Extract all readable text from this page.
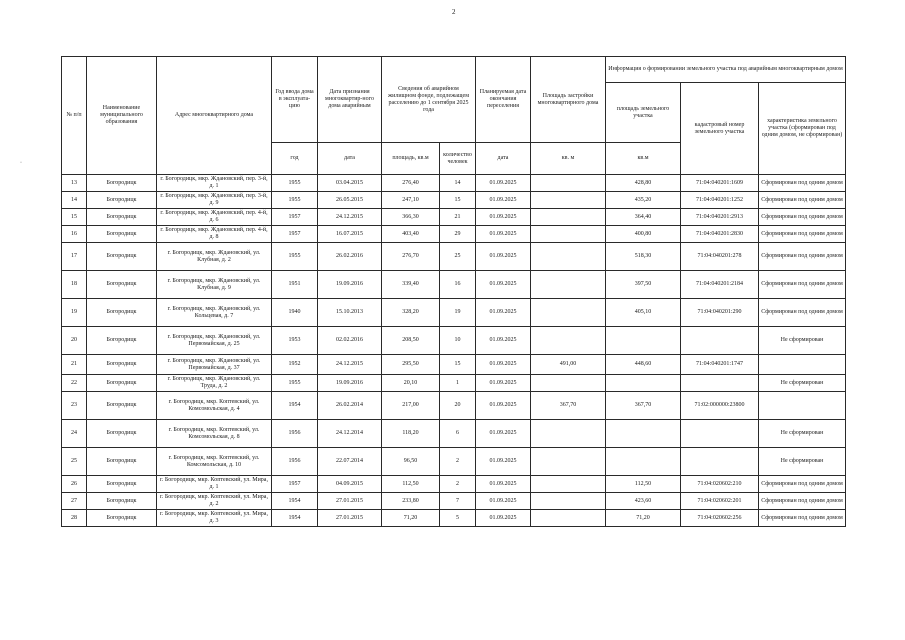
2
·
№ п/п	Наименование муниципального образования	Адрес многоквартирного дома	Год ввода дома в эксплуата-цию	Дата признания многоквартир-ного дома аварийным	Сведения об аварийном жилищном фонде, подлежащем расселению до 1 сентября 2025 года		Планируемая дата окончания переселения	Площадь застройки многоквартирного дома	Информация о формировании земельного участка под аварийным многоквартирным домом		
									площадь земельного участка	кадастровый номер земельного участка	характеристика земельного участка (сформирован под одним домом, не сформирован)
			год	дата	площадь, кв.м	количество человек	дата	кв. м	кв.м		
13	Богородицк	г. Богородицк, мкр. Ждановский, пер. 3-й, д. 1	1955	03.04.2015	276,40	14	01.09.2025		428,80	71:04:040201:1609	Сформирован под одним домом
14	Богородицк	г. Богородицк, мкр. Ждановский, пер. 3-й, д. 9	1955	26.05.2015	247,10	15	01.09.2025		435,20	71:04:040201:1252	Сформирован под одним домом
15	Богородицк	г. Богородицк, мкр. Ждановский, пер. 4-й, д. 6	1957	24.12.2015	366,30	21	01.09.2025		364,40	71:04:040201:2913	Сформирован под одним домом
16	Богородицк	г. Богородицк, мкр. Ждановский, пер. 4-й, д. 8	1957	16.07.2015	403,40	29	01.09.2025		400,80	71:04:040201:2830	Сформирован под одним домом
17	Богородицк	г. Богородицк, мкр. Ждановский, ул. Клубная, д. 2	1955	26.02.2016	276,70	25	01.09.2025		518,30	71:04:040201:278	Сформирован под одним домом
18	Богородицк	г. Богородицк, мкр. Ждановский, ул. Клубная, д. 9	1951	19.09.2016	339,40	16	01.09.2025		397,50	71:04:040201:2184	Сформирован под одним домом
19	Богородицк	г. Богородицк, мкр. Ждановский, ул. Кольцевая, д. 7	1940	15.10.2013	328,20	19	01.09.2025		405,10	71:04:040201:290	Сформирован под одним домом
20	Богородицк	г. Богородицк, мкр. Ждановский, ул. Первомайская, д. 25	1953	02.02.2016	208,50	10	01.09.2025				Не сформирован
21	Богородицк	г. Богородицк, мкр. Ждановский, ул. Первомайская, д. 37	1952	24.12.2015	295,50	15	01.09.2025	491,00	448,60	71:04:040201:1747	
22	Богородицк	г. Богородицк, мкр. Ждановский, ул. Труда, д. 2	1955	19.09.2016	20,10	1	01.09.2025				Не сформирован
23	Богородицк	г. Богородицк, мкр. Коптевский, ул. Комсомольская, д. 4	1954	26.02.2014	217,00	20	01.09.2025	367,70	367,70	71:02:000000:23800	
24	Богородицк	г. Богородицк, мкр. Коптевский, ул. Комсомольская, д. 8	1956	24.12.2014	118,20	6	01.09.2025				Не сформирован
25	Богородицк	г. Богородицк, мкр. Коптевский, ул. Комсомольская, д. 10	1956	22.07.2014	96,50	2	01.09.2025				Не сформирован
26	Богородицк	г. Богородицк, мкр. Коптевский, ул. Мира, д. 1	1957	04.09.2015	112,50	2	01.09.2025		112,50	71:04:020602:210	Сформирован под одним домом
27	Богородицк	г. Богородицк, мкр. Коптевский, ул. Мира, д. 2	1954	27.01.2015	233,80	7	01.09.2025		423,60	71:04:020602:201	Сформирован под одним домом
28	Богородицк	г. Богородицк, мкр. Коптевский, ул. Мира, д. 3	1954	27.01.2015	71,20	5	01.09.2025		71,20	71:04:020602:256	Сформирован под одним домом
